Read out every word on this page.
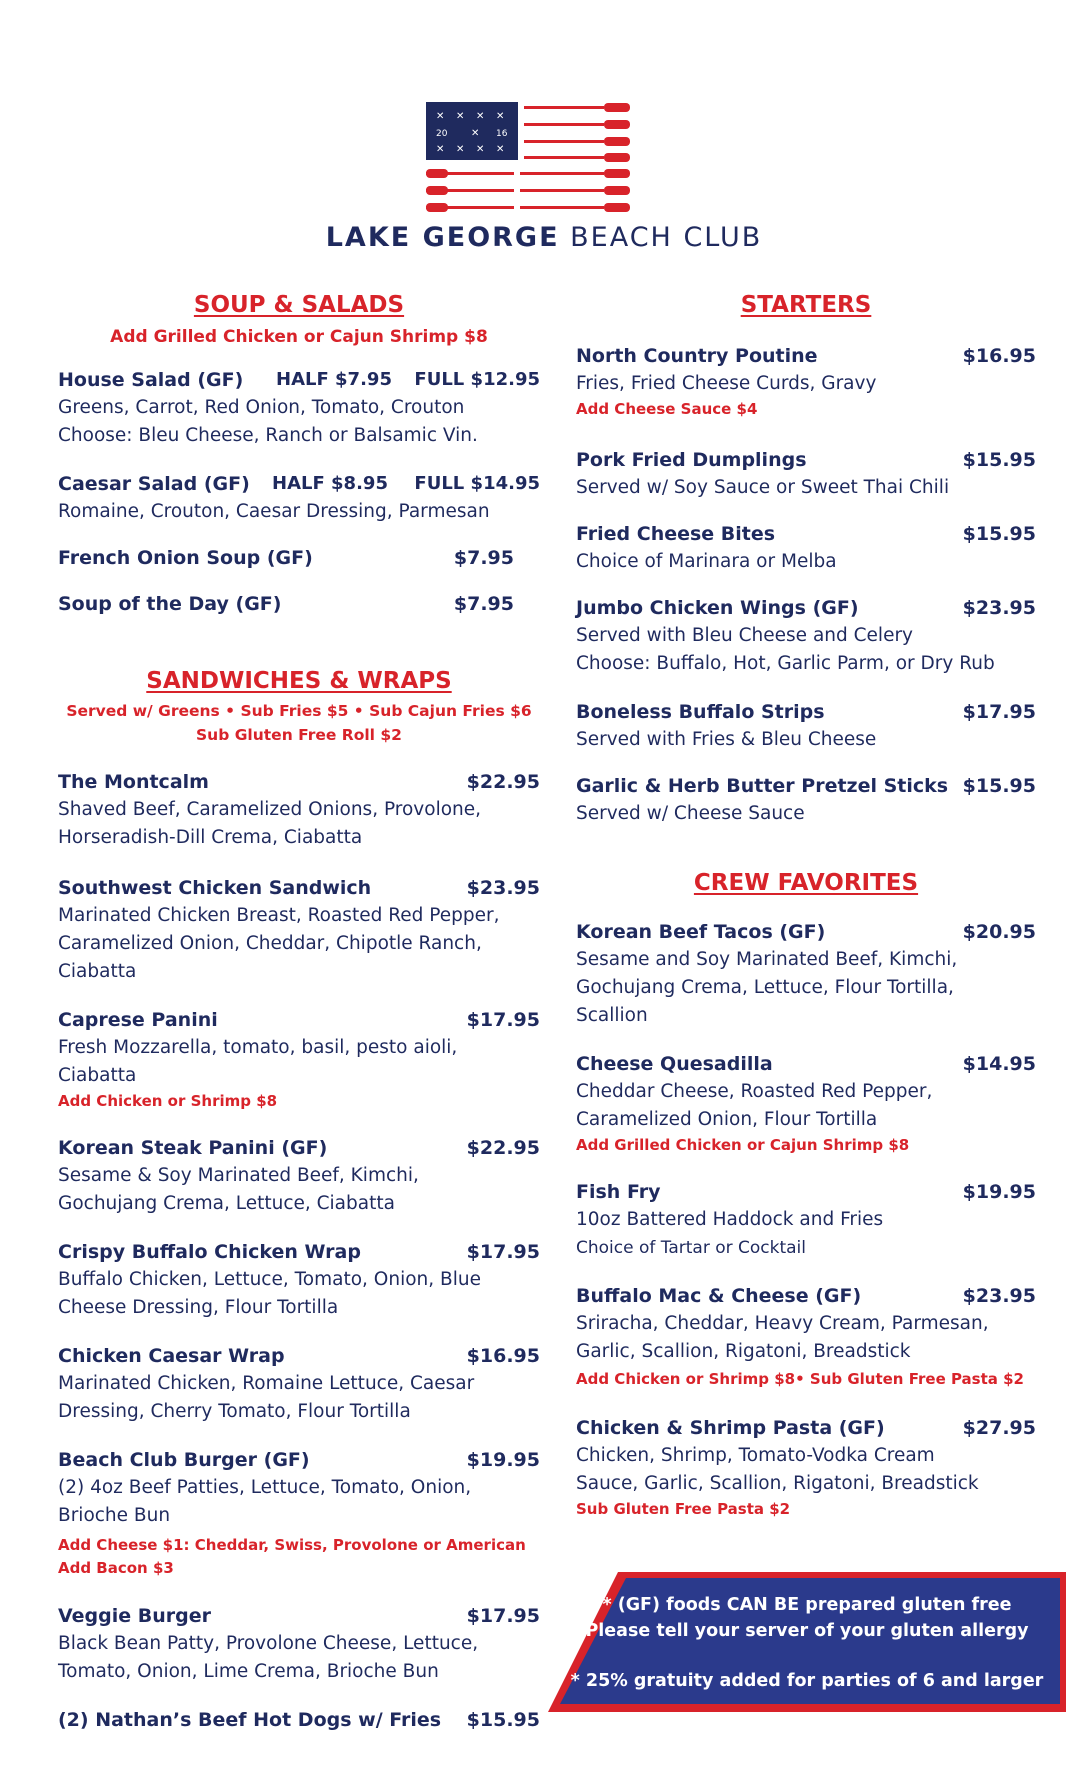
✕ ✕ ✕ ✕
✕ ✕ ✕ ✕
20	16
✕
LAKE GEORGE BEACH CLUB
SOUP & SALADS
Add Grilled Chicken or Cajun Shrimp $8
House Salad (GF)	HALF $7.95 FULL $12.95
Greens, Carrot, Red Onion, Tomato, Crouton
Choose: Bleu Cheese, Ranch or Balsamic Vin.
Caesar Salad (GF)	HALF $8.95 FULL $14.95
Romaine, Crouton, Caesar Dressing, Parmesan
French Onion Soup (GF)	$7.95
Soup of the Day (GF)	$7.95
SANDWICHES & WRAPS
Served w/ Greens • Sub Fries $5 • Sub Cajun Fries $6
Sub Gluten Free Roll $2
The Montcalm	$22.95
Shaved Beef, Caramelized Onions, Provolone,
Horseradish-Dill Crema, Ciabatta
Southwest Chicken Sandwich	$23.95
Marinated Chicken Breast, Roasted Red Pepper,
Caramelized Onion, Cheddar, Chipotle Ranch,
Ciabatta
Caprese Panini	$17.95
Fresh Mozzarella, tomato, basil, pesto aioli,
Ciabatta
Add Chicken or Shrimp $8
Korean Steak Panini (GF)	$22.95
Sesame & Soy Marinated Beef, Kimchi,
Gochujang Crema, Lettuce, Ciabatta
Crispy Buffalo Chicken Wrap	$17.95
Buffalo Chicken, Lettuce, Tomato, Onion, Blue
Cheese Dressing, Flour Tortilla
Chicken Caesar Wrap	$16.95
Marinated Chicken, Romaine Lettuce, Caesar
Dressing, Cherry Tomato, Flour Tortilla
Beach Club Burger (GF)	$19.95
(2) 4oz Beef Patties, Lettuce, Tomato, Onion,
Brioche Bun
Add Cheese $1: Cheddar, Swiss, Provolone or American
Add Bacon $3
Veggie Burger	$17.95
Black Bean Patty, Provolone Cheese, Lettuce,
Tomato, Onion, Lime Crema, Brioche Bun
(2) Nathan’s Beef Hot Dogs w/ Fries	$15.95
STARTERS
North Country Poutine	$16.95
Fries, Fried Cheese Curds, Gravy
Add Cheese Sauce $4
Pork Fried Dumplings	$15.95
Served w/ Soy Sauce or Sweet Thai Chili
Fried Cheese Bites	$15.95
Choice of Marinara or Melba
Jumbo Chicken Wings (GF)	$23.95
Served with Bleu Cheese and Celery
Choose: Buffalo, Hot, Garlic Parm, or Dry Rub
Boneless Buffalo Strips	$17.95
Served with Fries & Bleu Cheese
Garlic & Herb Butter Pretzel Sticks $15.95
Served w/ Cheese Sauce
CREW FAVORITES
Korean Beef Tacos (GF)	$20.95
Sesame and Soy Marinated Beef, Kimchi,
Gochujang Crema, Lettuce, Flour Tortilla,
Scallion
Cheese Quesadilla	$14.95
Cheddar Cheese, Roasted Red Pepper,
Caramelized Onion, Flour Tortilla
Add Grilled Chicken or Cajun Shrimp $8
Fish Fry	$19.95
10oz Battered Haddock and Fries
Choice of Tartar or Cocktail
Buffalo Mac & Cheese (GF)	$23.95
Sriracha, Cheddar, Heavy Cream, Parmesan,
Garlic, Scallion, Rigatoni, Breadstick
Add Chicken or Shrimp $8• Sub Gluten Free Pasta $2
Chicken & Shrimp Pasta (GF)	$27.95
Chicken, Shrimp, Tomato-Vodka Cream
Sauce, Garlic, Scallion, Rigatoni, Breadstick
Sub Gluten Free Pasta $2
* (GF) foods CAN BE prepared gluten free
Please tell your server of your gluten allergy
* 25% gratuity added for parties of 6 and larger
